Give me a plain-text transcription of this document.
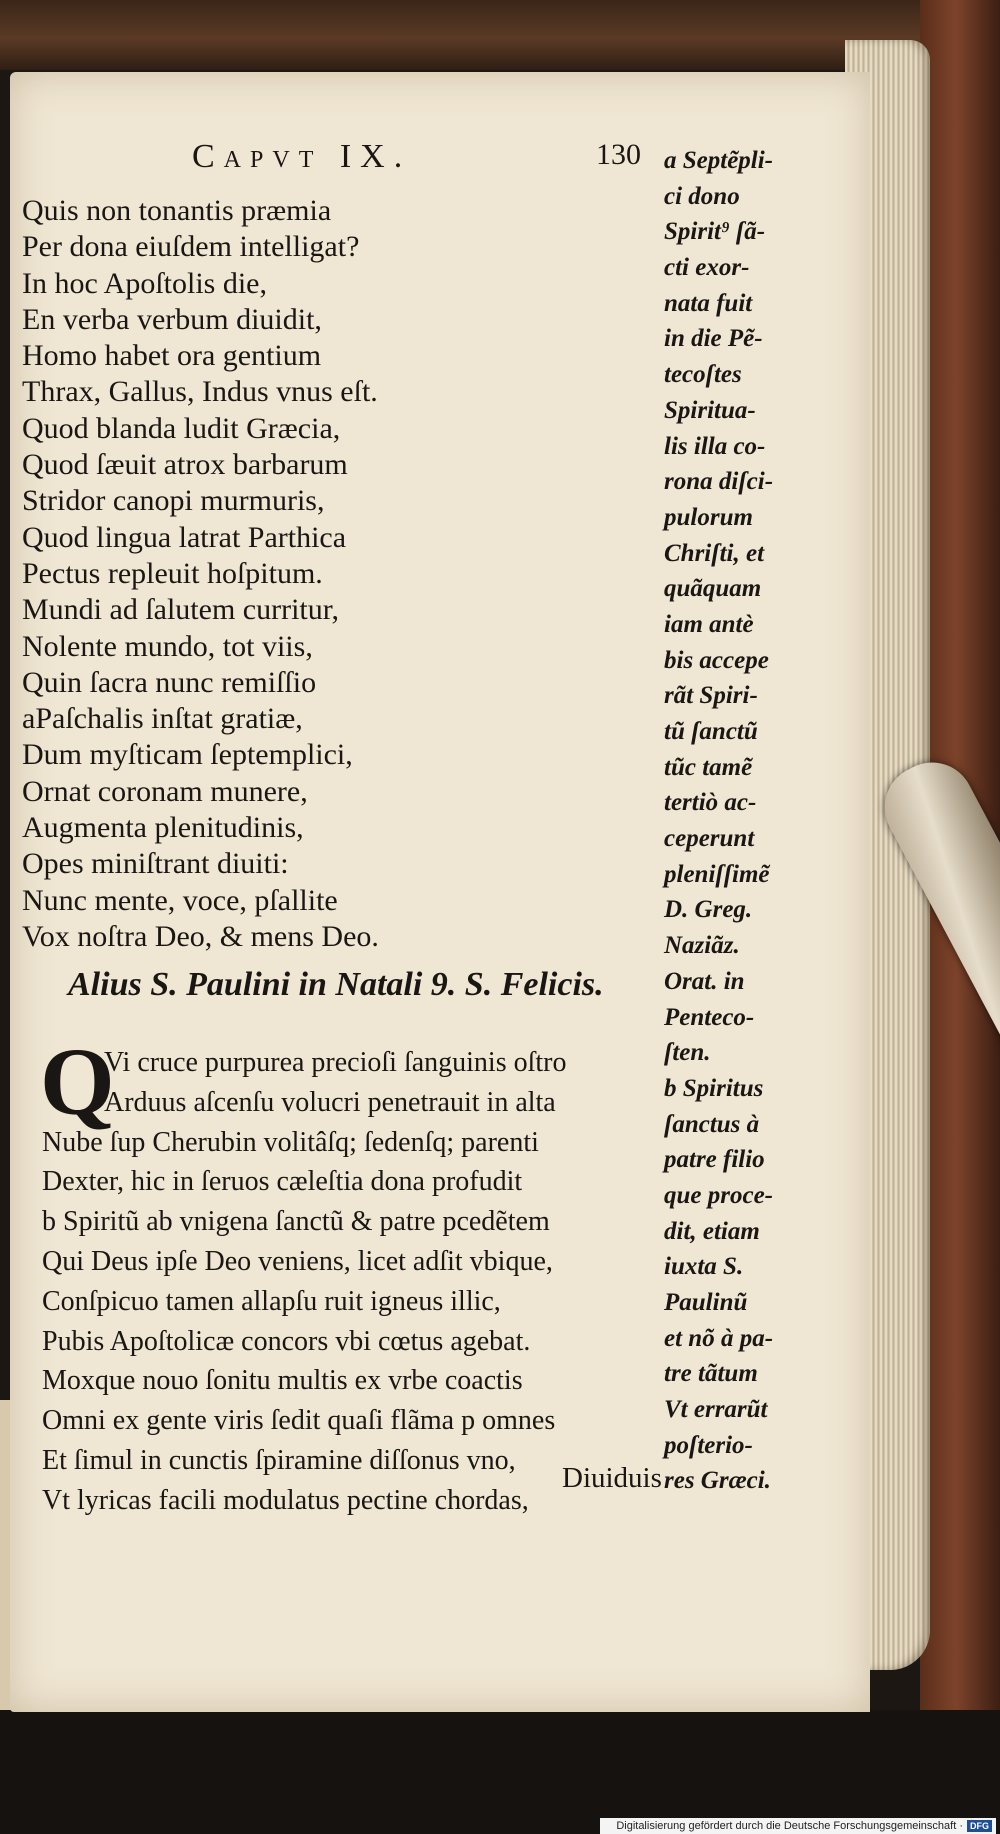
Capvt IX.	130
Quis non tonantis præmia
Per dona eiuſdem intelligat?
In hoc Apoſtolis die,
En verba verbum diuidit,
Homo habet ora gentium
Thrax, Gallus, Indus vnus eſt.
Quod blanda ludit Græcia,
Quod ſæuit atrox barbarum
Stridor canopi murmuris,
Quod lingua latrat Parthica
Pectus repleuit hoſpitum.
Mundi ad ſalutem curritur,
Nolente mundo, tot viis,
Quin ſacra nunc remiſſio
aPaſchalis inſtat gratiæ,
Dum myſticam ſeptemplici,
Ornat coronam munere,
Augmenta plenitudinis,
Opes miniſtrant diuiti:
Nunc mente, voce, pſallite
Vox noſtra Deo, & mens Deo.
Alius S. Paulini in Natali 9. S. Felicis.
Q
Vi cruce purpurea precioſi ſanguinis oſtro
Arduus aſcenſu volucri penetrauit in alta
Nube ſup Cherubin volitâſq; ſedenſq; parenti
Dexter, hic in ſeruos cæleſtia dona profudit
b Spiritũ ab vnigena ſanctũ & patre pcedẽtem
Qui Deus ipſe Deo veniens, licet adſit vbique,
Conſpicuo tamen allapſu ruit igneus illic,
Pubis Apoſtolicæ concors vbi cœtus agebat.
Moxque nouo ſonitu multis ex vrbe coactis
Omni ex gente viris ſedit quaſi flãma p omnes
Et ſimul in cunctis ſpiramine diſſonus vno,
Vt lyricas facili modulatus pectine chordas,
Diuiduis
a Septẽpli-
ci dono
Spirit⁹ ſã-
cti exor-
nata fuit
in die Pẽ-
tecoſtes
Spiritua-
lis illa co-
rona diſci-
pulorum
Chriſti, et
quãquam
iam antè
bis accepe
rãt Spiri-
tũ ſanctũ
tũc tamẽ
tertiò ac-
ceperunt
pleniſſimẽ
D. Greg.
Naziãz.
Orat. in
Penteco-
ſten.
b Spiritus
ſanctus à
patre filio
que proce-
dit, etiam
iuxta S.
Paulinũ
et nõ à pa-
tre tãtum
Vt errarũt
poſterio-
res Græci.
Digitalisierung gefördert durch die Deutsche Forschungsgemeinschaft · DFG
